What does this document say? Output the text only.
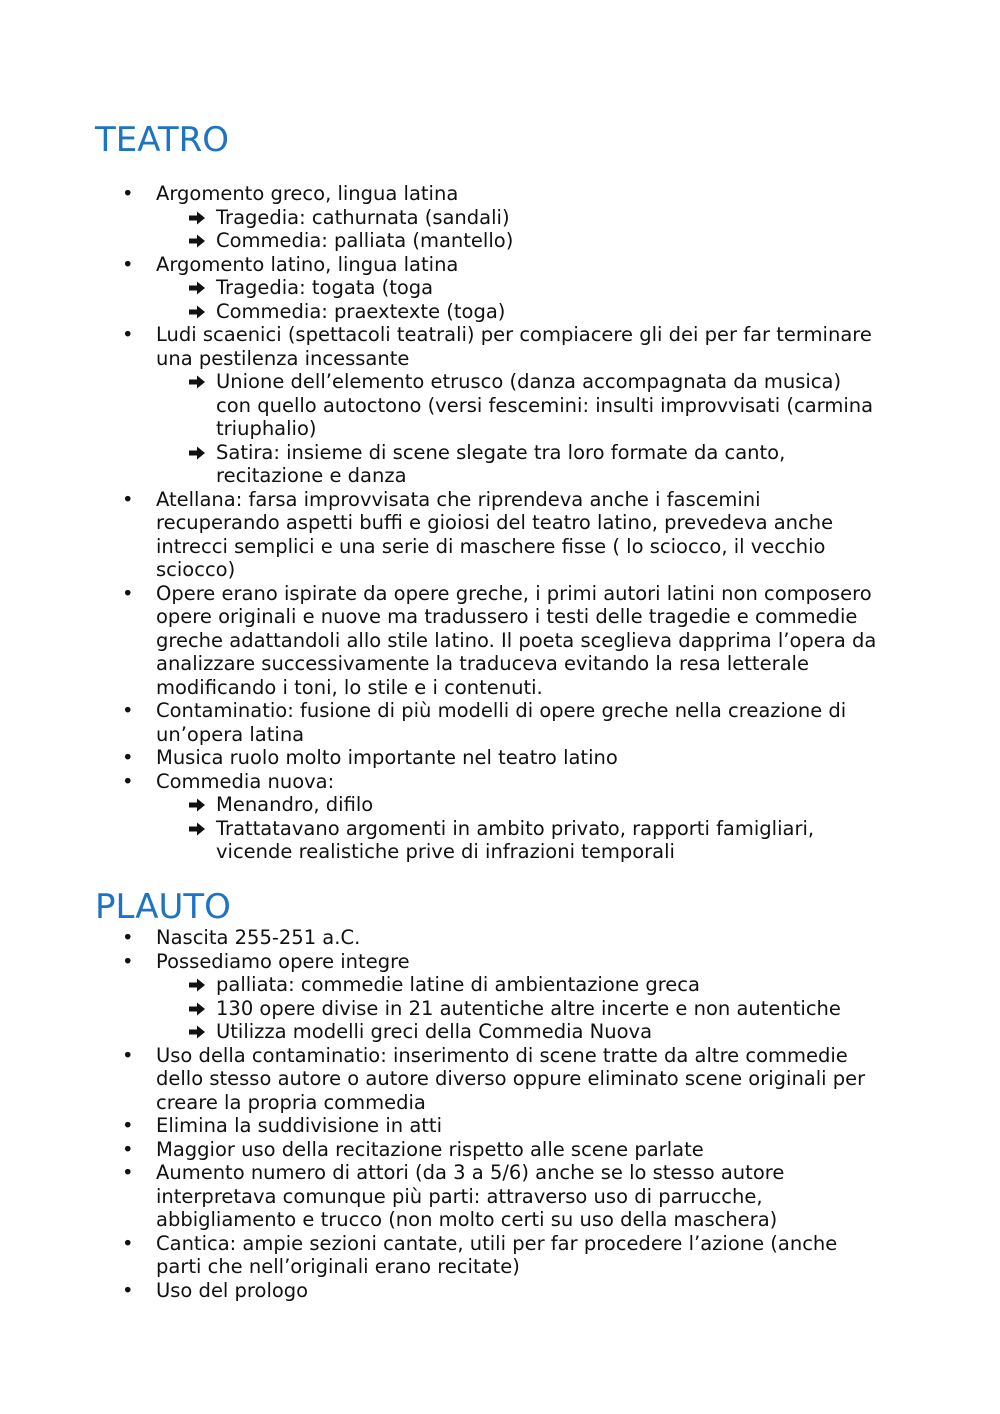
TEATRO
• Argomento greco, lingua latina
Tragedia: cathurnata (sandali)
Commedia: palliata (mantello)
• Argomento latino, lingua latina
Tragedia: togata (toga
Commedia: praextexte (toga)
• Ludi scaenici (spettacoli teatrali) per compiacere gli dei per far terminare
una pestilenza incessante
Unione dell’elemento etrusco (danza accompagnata da musica)
con quello autoctono (versi fescemini: insulti improvvisati (carmina
triuphalio)
Satira: insieme di scene slegate tra loro formate da canto,
recitazione e danza
• Atellana: farsa improvvisata che riprendeva anche i fascemini
recuperando aspetti buffi e gioiosi del teatro latino, prevedeva anche
intrecci semplici e una serie di maschere fisse ( lo sciocco, il vecchio
sciocco)
• Opere erano ispirate da opere greche, i primi autori latini non composero
opere originali e nuove ma tradussero i testi delle tragedie e commedie
greche adattandoli allo stile latino. Il poeta sceglieva dapprima l’opera da
analizzare successivamente la traduceva evitando la resa letterale
modificando i toni, lo stile e i contenuti.
• Contaminatio: fusione di più modelli di opere greche nella creazione di
un’opera latina
• Musica ruolo molto importante nel teatro latino
• Commedia nuova:
Menandro, difilo
Trattatavano argomenti in ambito privato, rapporti famigliari,
vicende realistiche prive di infrazioni temporali
PLAUTO
• Nascita 255-251 a.C.
• Possediamo opere integre
palliata: commedie latine di ambientazione greca
130 opere divise in 21 autentiche altre incerte e non autentiche
Utilizza modelli greci della Commedia Nuova
• Uso della contaminatio: inserimento di scene tratte da altre commedie
dello stesso autore o autore diverso oppure eliminato scene originali per
creare la propria commedia
• Elimina la suddivisione in atti
• Maggior uso della recitazione rispetto alle scene parlate
• Aumento numero di attori (da 3 a 5/6) anche se lo stesso autore
interpretava comunque più parti: attraverso uso di parrucche,
abbigliamento e trucco (non molto certi su uso della maschera)
• Cantica: ampie sezioni cantate, utili per far procedere l’azione (anche
parti che nell’originali erano recitate)
• Uso del prologo
